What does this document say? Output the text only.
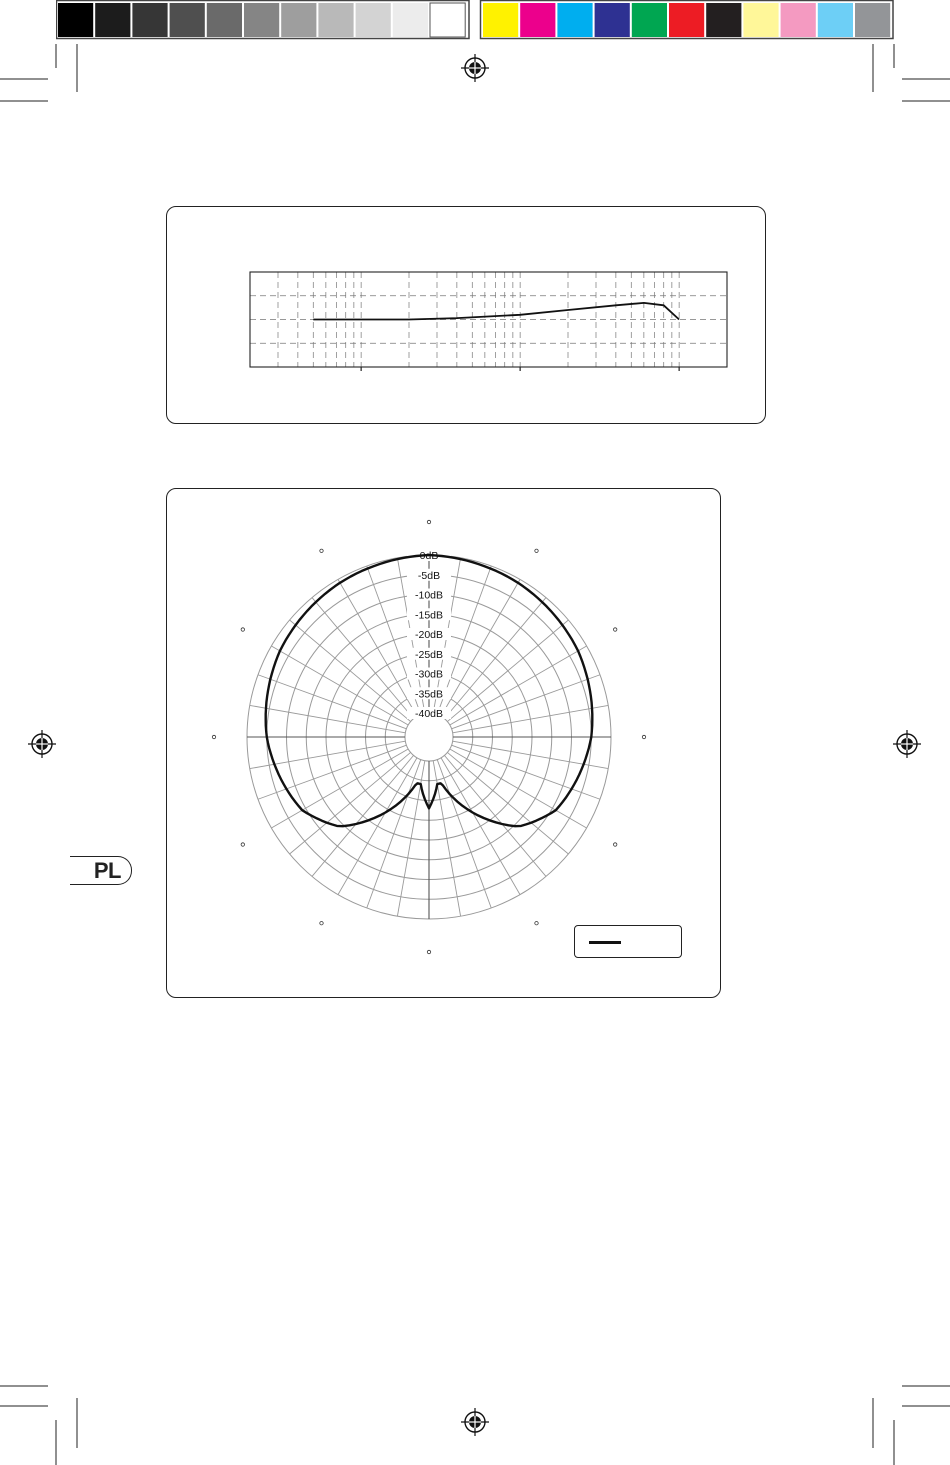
0dB
-5dB
-10dB
-15dB
-20dB
-25dB
-30dB
-35dB
-40dB
PL
